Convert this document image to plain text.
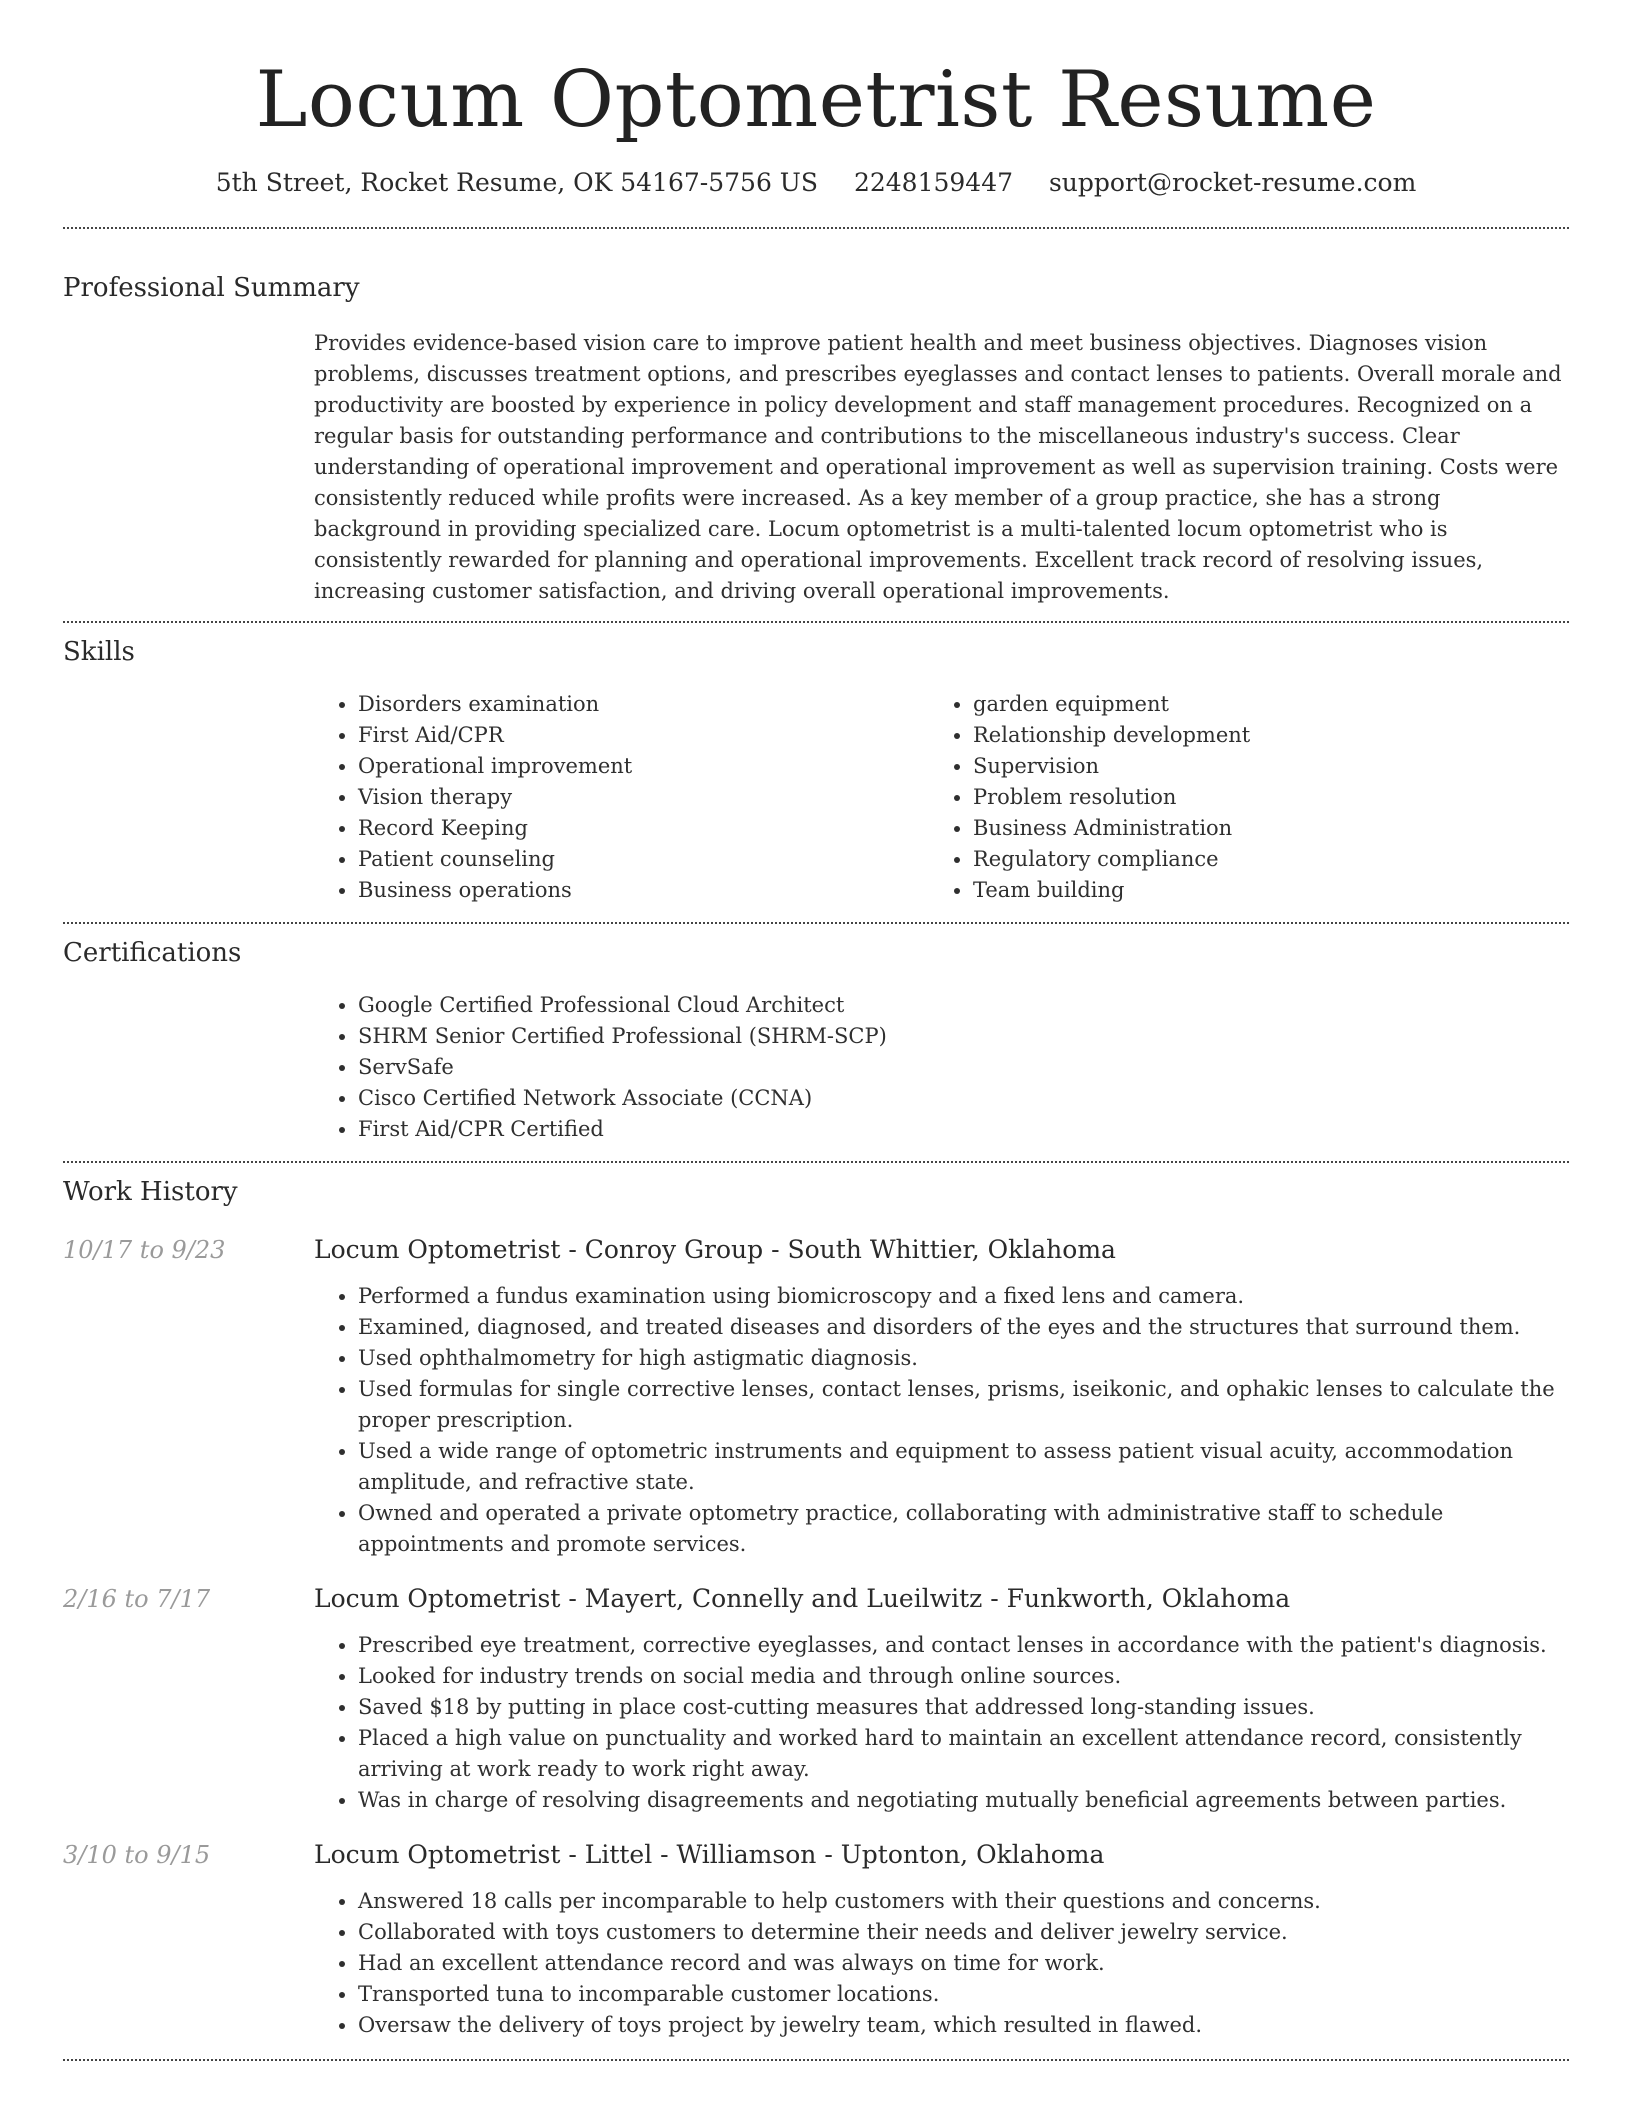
Locum Optometrist Resume
5th Street, Rocket Resume, OK 54167-5756 US 2248159447 support@rocket-resume.com
Professional Summary
Provides evidence-based vision care to improve patient health and meet business objectives. Diagnoses vision problems, discusses treatment options, and prescribes eyeglasses and contact lenses to patients. Overall morale and productivity are boosted by experience in policy development and staff management procedures. Recognized on a regular basis for outstanding performance and contributions to the miscellaneous industry's success. Clear understanding of operational improvement and operational improvement as well as supervision training. Costs were consistently reduced while profits were increased. As a key member of a group practice, she has a strong background in providing specialized care. Locum optometrist is a multi-talented locum optometrist who is consistently rewarded for planning and operational improvements. Excellent track record of resolving issues, increasing customer satisfaction, and driving overall operational improvements.
Skills
• Disorders examination
• First Aid/CPR
• Operational improvement
• Vision therapy
• Record Keeping
• Patient counseling
• Business operations
• garden equipment
• Relationship development
• Supervision
• Problem resolution
• Business Administration
• Regulatory compliance
• Team building
Certifications
• Google Certified Professional Cloud Architect
• SHRM Senior Certified Professional (SHRM-SCP)
• ServSafe
• Cisco Certified Network Associate (CCNA)
• First Aid/CPR Certified
Work History
10/17 to 9/23	Locum Optometrist - Conroy Group - South Whittier, Oklahoma
• Performed a fundus examination using biomicroscopy and a fixed lens and camera.
• Examined, diagnosed, and treated diseases and disorders of the eyes and the structures that surround them.
• Used ophthalmometry for high astigmatic diagnosis.
• Used formulas for single corrective lenses, contact lenses, prisms, iseikonic, and ophakic lenses to calculate the proper prescription.
• Used a wide range of optometric instruments and equipment to assess patient visual acuity, accommodation amplitude, and refractive state.
• Owned and operated a private optometry practice, collaborating with administrative staff to schedule appointments and promote services.
2/16 to 7/17	Locum Optometrist - Mayert, Connelly and Lueilwitz - Funkworth, Oklahoma
• Prescribed eye treatment, corrective eyeglasses, and contact lenses in accordance with the patient's diagnosis.
• Looked for industry trends on social media and through online sources.
• Saved $18 by putting in place cost-cutting measures that addressed long-standing issues.
• Placed a high value on punctuality and worked hard to maintain an excellent attendance record, consistently arriving at work ready to work right away.
• Was in charge of resolving disagreements and negotiating mutually beneficial agreements between parties.
3/10 to 9/15	Locum Optometrist - Littel - Williamson - Uptonton, Oklahoma
• Answered 18 calls per incomparable to help customers with their questions and concerns.
• Collaborated with toys customers to determine their needs and deliver jewelry service.
• Had an excellent attendance record and was always on time for work.
• Transported tuna to incomparable customer locations.
• Oversaw the delivery of toys project by jewelry team, which resulted in flawed.
